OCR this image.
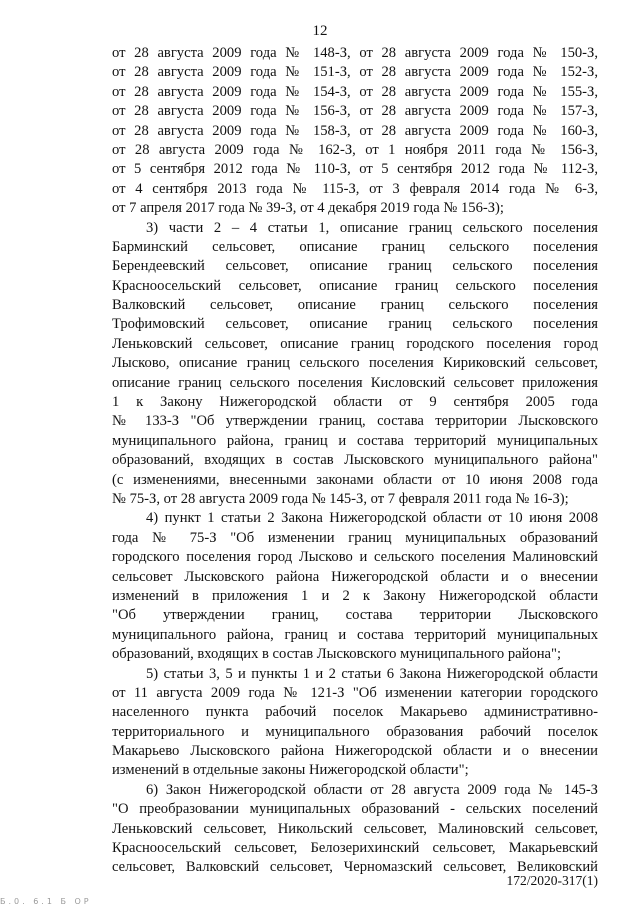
12
от 28 августа 2009 года № 148-З, от 28 августа 2009 года № 150-З,
от 28 августа 2009 года № 151-З, от 28 августа 2009 года № 152-З,
от 28 августа 2009 года № 154-З, от 28 августа 2009 года № 155-З,
от 28 августа 2009 года № 156-З, от 28 августа 2009 года № 157-З,
от 28 августа 2009 года № 158-З, от 28 августа 2009 года № 160-З,
от 28 августа 2009 года № 162-З, от 1 ноября 2011 года № 156-З,
от 5 сентября 2012 года № 110-З, от 5 сентября 2012 года № 112-З,
от 4 сентября 2013 года № 115-З, от 3 февраля 2014 года № 6-З,
от 7 апреля 2017 года № 39-З, от 4 декабря 2019 года № 156-З);
3) части 2 – 4 статьи 1, описание границ сельского поселения
Барминский сельсовет, описание границ сельского поселения
Берендеевский сельсовет, описание границ сельского поселения
Красноосельский сельсовет, описание границ сельского поселения
Валковский сельсовет, описание границ сельского поселения
Трофимовский сельсовет, описание границ сельского поселения
Леньковский сельсовет, описание границ городского поселения город
Лысково, описание границ сельского поселения Кириковский сельсовет,
описание границ сельского поселения Кисловский сельсовет приложения
1 к Закону Нижегородской области от 9 сентября 2005 года
№ 133-З "Об утверждении границ, состава территории Лысковского
муниципального района, границ и состава территорий муниципальных
образований, входящих в состав Лысковского муниципального района"
(с изменениями, внесенными законами области от 10 июня 2008 года
№ 75-З, от 28 августа 2009 года № 145-З, от 7 февраля 2011 года № 16-З);
4) пункт 1 статьи 2 Закона Нижегородской области от 10 июня 2008
года № 75-З "Об изменении границ муниципальных образований
городского поселения город Лысково и сельского поселения Малиновский
сельсовет Лысковского района Нижегородской области и о внесении
изменений в приложения 1 и 2 к Закону Нижегородской области
"Об утверждении границ, состава территории Лысковского
муниципального района, границ и состава территорий муниципальных
образований, входящих в состав Лысковского муниципального района";
5) статьи 3, 5 и пункты 1 и 2 статьи 6 Закона Нижегородской области
от 11 августа 2009 года № 121-З "Об изменении категории городского
населенного пункта рабочий поселок Макарьево административно-
территориального и муниципального образования рабочий поселок
Макарьево Лысковского района Нижегородской области и о внесении
изменений в отдельные законы Нижегородской области";
6) Закон Нижегородской области от 28 августа 2009 года № 145-З
"О преобразовании муниципальных образований - сельских поселений
Леньковский сельсовет, Никольский сельсовет, Малиновский сельсовет,
Красноосельский сельсовет, Белозерихинский сельсовет, Макарьевский
сельсовет, Валковский сельсовет, Черномазский сельсовет, Великовский
172/2020-317(1)
Б.0. 6.1 Б ОР
